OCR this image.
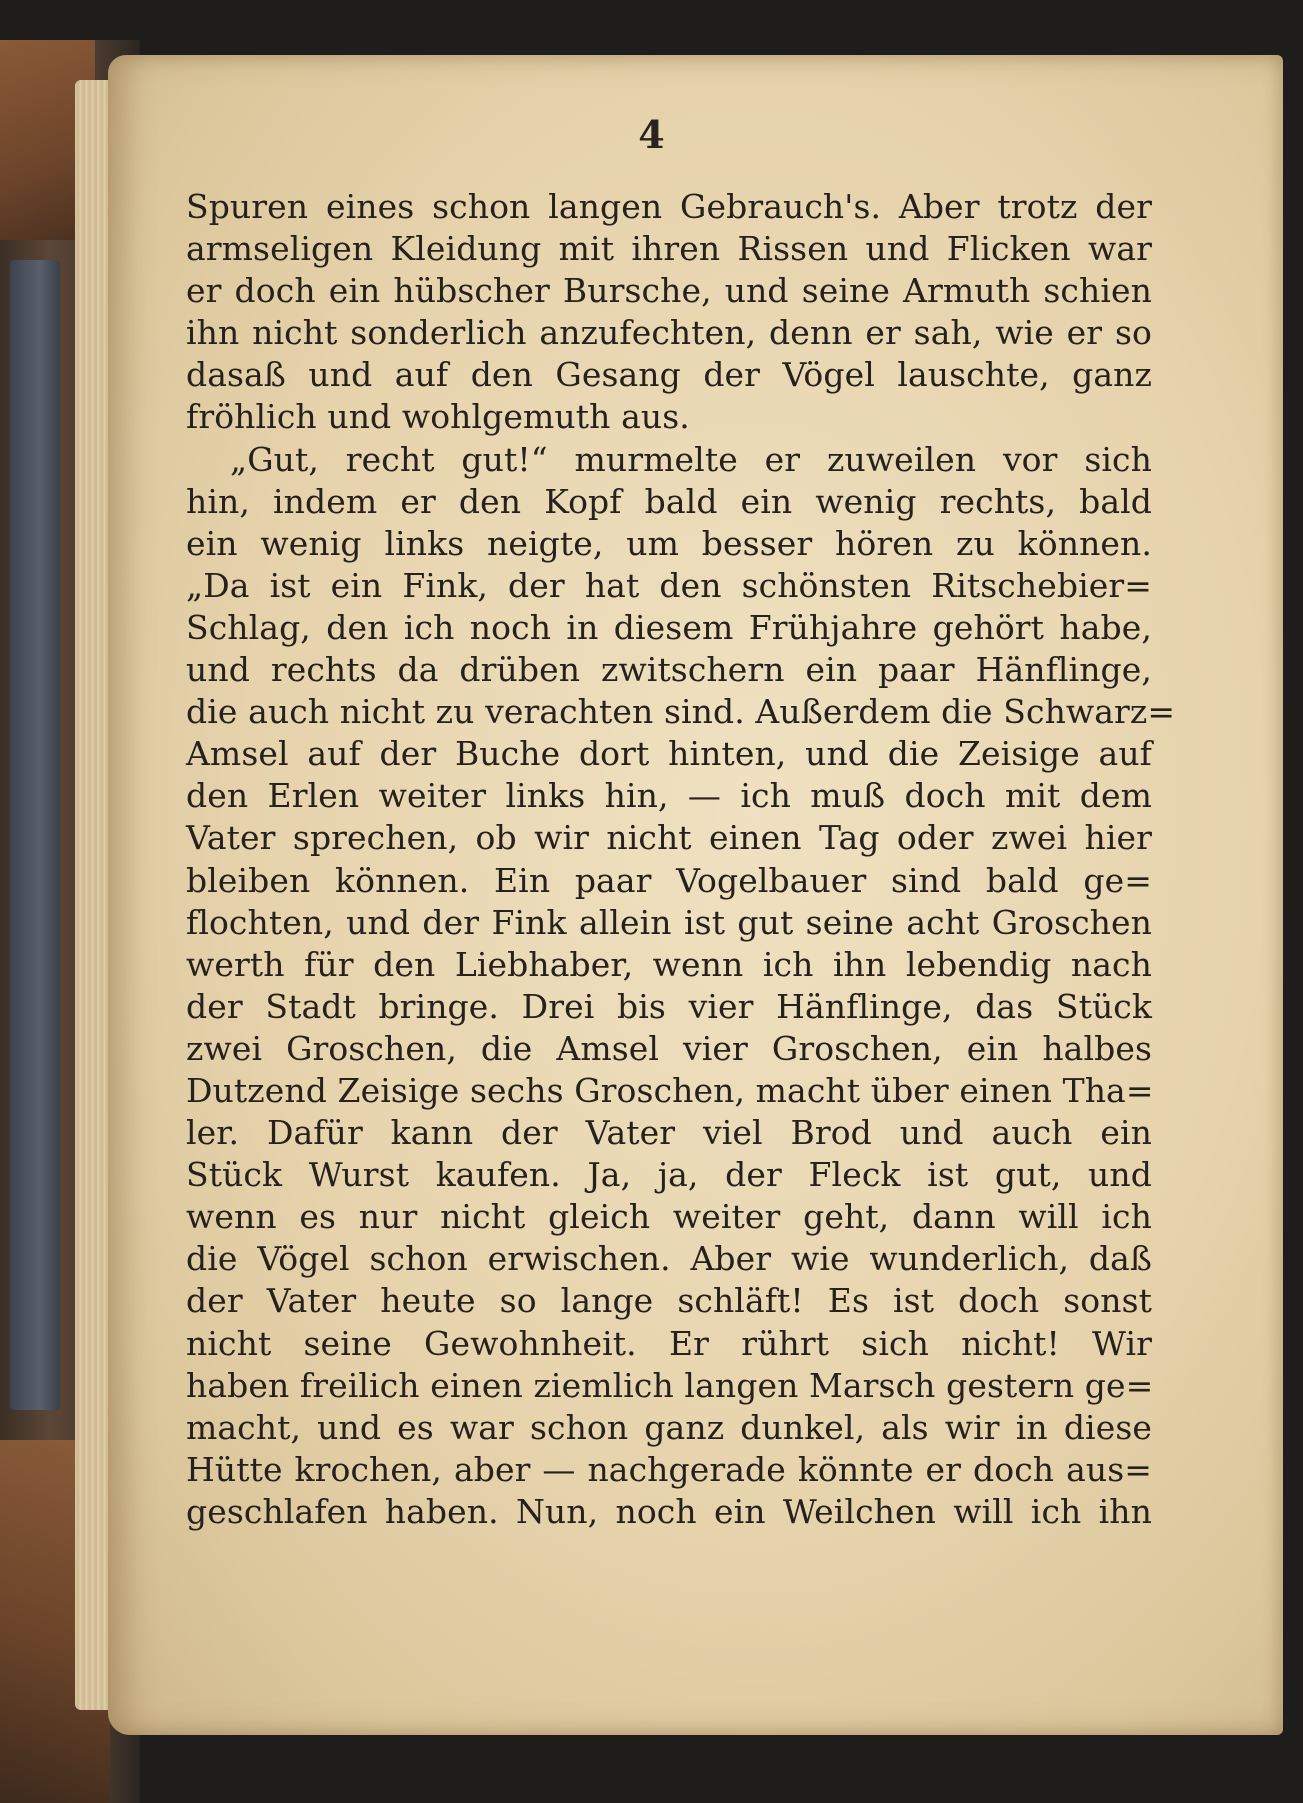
4
Spuren eines schon langen Gebrauch's. Aber trotz der
armseligen Kleidung mit ihren Rissen und Flicken war
er doch ein hübscher Bursche, und seine Armuth schien
ihn nicht sonderlich anzufechten, denn er sah, wie er so
dasaß und auf den Gesang der Vögel lauschte, ganz
fröhlich und wohlgemuth aus.
„Gut, recht gut!“ murmelte er zuweilen vor sich
hin, indem er den Kopf bald ein wenig rechts, bald
ein wenig links neigte, um besser hören zu können.
„Da ist ein Fink, der hat den schönsten Ritschebier=
Schlag, den ich noch in diesem Frühjahre gehört habe,
und rechts da drüben zwitschern ein paar Hänflinge,
die auch nicht zu verachten sind. Außerdem die Schwarz=
Amsel auf der Buche dort hinten, und die Zeisige auf
den Erlen weiter links hin, — ich muß doch mit dem
Vater sprechen, ob wir nicht einen Tag oder zwei hier
bleiben können. Ein paar Vogelbauer sind bald ge=
flochten, und der Fink allein ist gut seine acht Groschen
werth für den Liebhaber, wenn ich ihn lebendig nach
der Stadt bringe. Drei bis vier Hänflinge, das Stück
zwei Groschen, die Amsel vier Groschen, ein halbes
Dutzend Zeisige sechs Groschen, macht über einen Tha=
ler. Dafür kann der Vater viel Brod und auch ein
Stück Wurst kaufen. Ja, ja, der Fleck ist gut, und
wenn es nur nicht gleich weiter geht, dann will ich
die Vögel schon erwischen. Aber wie wunderlich, daß
der Vater heute so lange schläft! Es ist doch sonst
nicht seine Gewohnheit. Er rührt sich nicht! Wir
haben freilich einen ziemlich langen Marsch gestern ge=
macht, und es war schon ganz dunkel, als wir in diese
Hütte krochen, aber — nachgerade könnte er doch aus=
geschlafen haben. Nun, noch ein Weilchen will ich ihn
